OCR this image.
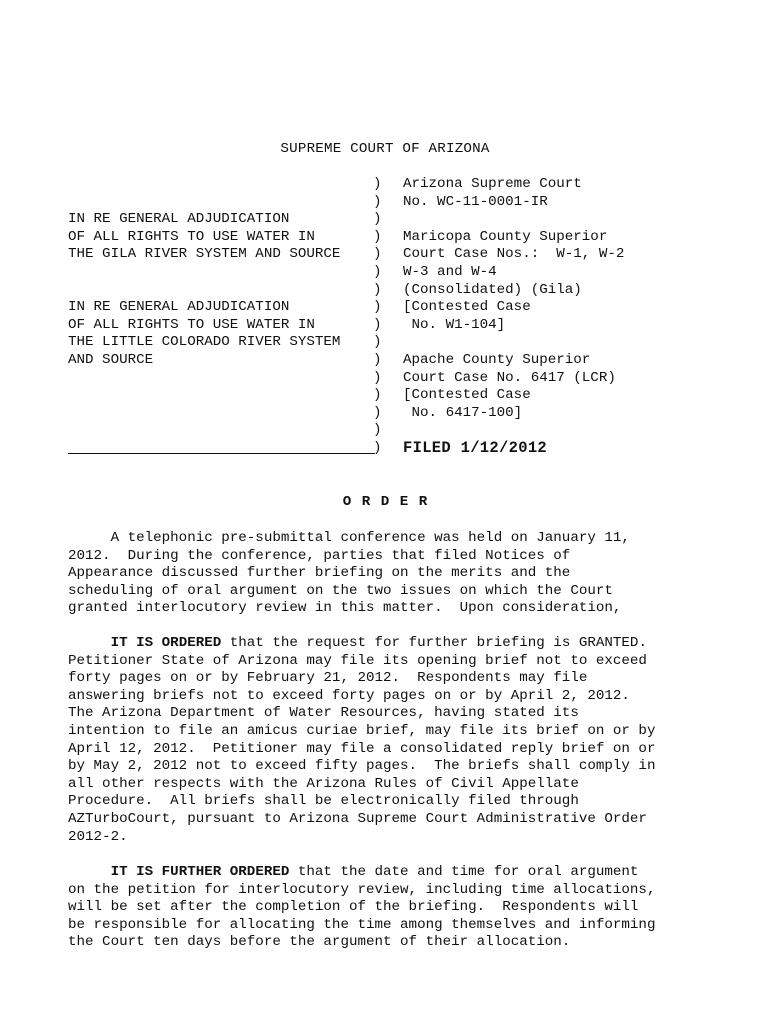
SUPREME COURT OF ARIZONA
) Arizona Supreme Court
) No. WC-11-0001-IR
IN RE GENERAL ADJUDICATION	)
OF ALL RIGHTS TO USE WATER IN	) Maricopa County Superior
THE GILA RIVER SYSTEM AND SOURCE ) Court Case Nos.:  W-1, W-2
) W-3 and W-4
) (Consolidated) (Gila)
IN RE GENERAL ADJUDICATION	) [Contested Case
OF ALL RIGHTS TO USE WATER IN	) No. W1-104]
THE LITTLE COLORADO RIVER SYSTEM )
AND SOURCE	) Apache County Superior
) Court Case No. 6417 (LCR)
) [Contested Case
) No. 6417-100]
)
) FILED 1/12/2012
O R D E R
A telephonic pre-submittal conference was held on January 11,
2012.  During the conference, parties that filed Notices of
Appearance discussed further briefing on the merits and the
scheduling of oral argument on the two issues on which the Court
granted interlocutory review in this matter.  Upon consideration,
IT IS ORDERED that the request for further briefing is GRANTED.
Petitioner State of Arizona may file its opening brief not to exceed
forty pages on or by February 21, 2012.  Respondents may file
answering briefs not to exceed forty pages on or by April 2, 2012.
The Arizona Department of Water Resources, having stated its
intention to file an amicus curiae brief, may file its brief on or by
April 12, 2012.  Petitioner may file a consolidated reply brief on or
by May 2, 2012 not to exceed fifty pages.  The briefs shall comply in
all other respects with the Arizona Rules of Civil Appellate
Procedure.  All briefs shall be electronically filed through
AZTurboCourt, pursuant to Arizona Supreme Court Administrative Order
2012-2.
IT IS FURTHER ORDERED that the date and time for oral argument
on the petition for interlocutory review, including time allocations,
will be set after the completion of the briefing.  Respondents will
be responsible for allocating the time among themselves and informing
the Court ten days before the argument of their allocation.
